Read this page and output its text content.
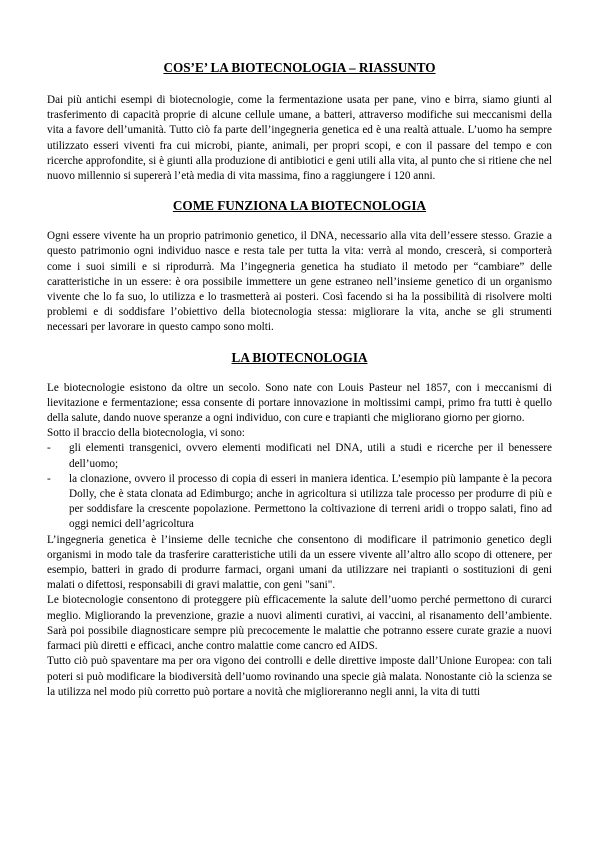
COS’E’ LA BIOTECNOLOGIA – RIASSUNTO

Dai più antichi esempi di biotecnologie, come la fermentazione usata per pane, vino e birra, siamo giunti al trasferimento di capacità proprie di alcune cellule umane, a batteri, attraverso modifiche sui meccanismi della vita a favore dell’umanità. Tutto ciò fa parte dell’ingegneria genetica ed è una realtà attuale. L’uomo ha sempre utilizzato esseri viventi fra cui microbi, piante, animali, per propri scopi, e con il passare del tempo e con ricerche approfondite, si è giunti alla produzione di antibiotici e geni utili alla vita, al punto che si ritiene che nel nuovo millennio si supererà l’età media di vita massima, fino a raggiungere i 120 anni.

COME FUNZIONA LA BIOTECNOLOGIA

Ogni essere vivente ha un proprio patrimonio genetico, il DNA, necessario alla vita dell’essere stesso. Grazie a questo patrimonio ogni individuo nasce e resta tale per tutta la vita: verrà al mondo, crescerà, si comporterà come i suoi simili e si riprodurrà. Ma l’ingegneria genetica ha studiato il metodo per “cambiare” delle caratteristiche in un essere: è ora possibile immettere un gene estraneo nell’insieme genetico di un organismo vivente che lo fa suo, lo utilizza e lo trasmetterà ai posteri. Così facendo si ha la possibilità di risolvere molti problemi e di soddisfare l’obiettivo della biotecnologia stessa: migliorare la vita, anche se gli strumenti necessari per lavorare in questo campo sono molti.

LA BIOTECNOLOGIA

Le biotecnologie esistono da oltre un secolo. Sono nate con Louis Pasteur nel 1857, con i meccanismi di lievitazione e fermentazione; essa consente di portare innovazione in moltissimi campi, primo fra tutti è quello della salute, dando nuove speranze a ogni individuo, con cure e trapianti che migliorano giorno per giorno.

Sotto il braccio della biotecnologia, vi sono:

- gli elementi transgenici, ovvero elementi modificati nel DNA, utili a studi e ricerche per il benessere dell’uomo;
- la clonazione, ovvero il processo di copia di esseri in maniera identica. L’esempio più lampante è la pecora Dolly, che è stata clonata ad Edimburgo; anche in agricoltura si utilizza tale processo per produrre di più e per soddisfare la crescente popolazione. Permettono la coltivazione di terreni aridi o troppo salati, fino ad oggi nemici dell’agricoltura

L’ingegneria genetica è l’insieme delle tecniche che consentono di modificare il patrimonio genetico degli organismi in modo tale da trasferire caratteristiche utili da un essere vivente all’altro allo scopo di ottenere, per esempio, batteri in grado di produrre farmaci, organi umani da utilizzare nei trapianti o sostituzioni di geni malati o difettosi, responsabili di gravi malattie, con geni "sani".

Le biotecnologie consentono di proteggere più efficacemente la salute dell’uomo perché permettono di curarci meglio. Migliorando la prevenzione, grazie a nuovi alimenti curativi, ai vaccini, al risanamento dell’ambiente. Sarà poi possibile diagnosticare sempre più precocemente le malattie che potranno essere curate grazie a nuovi farmaci più diretti e efficaci, anche contro malattie come cancro ed AIDS.

Tutto ciò può spaventare ma per ora vigono dei controlli e delle direttive imposte dall’Unione Europea: con tali poteri si può modificare la biodiversità dell’uomo rovinando una specie già malata. Nonostante ciò la scienza se la utilizza nel modo più corretto può portare a novità che miglioreranno negli anni, la vita di tutti
